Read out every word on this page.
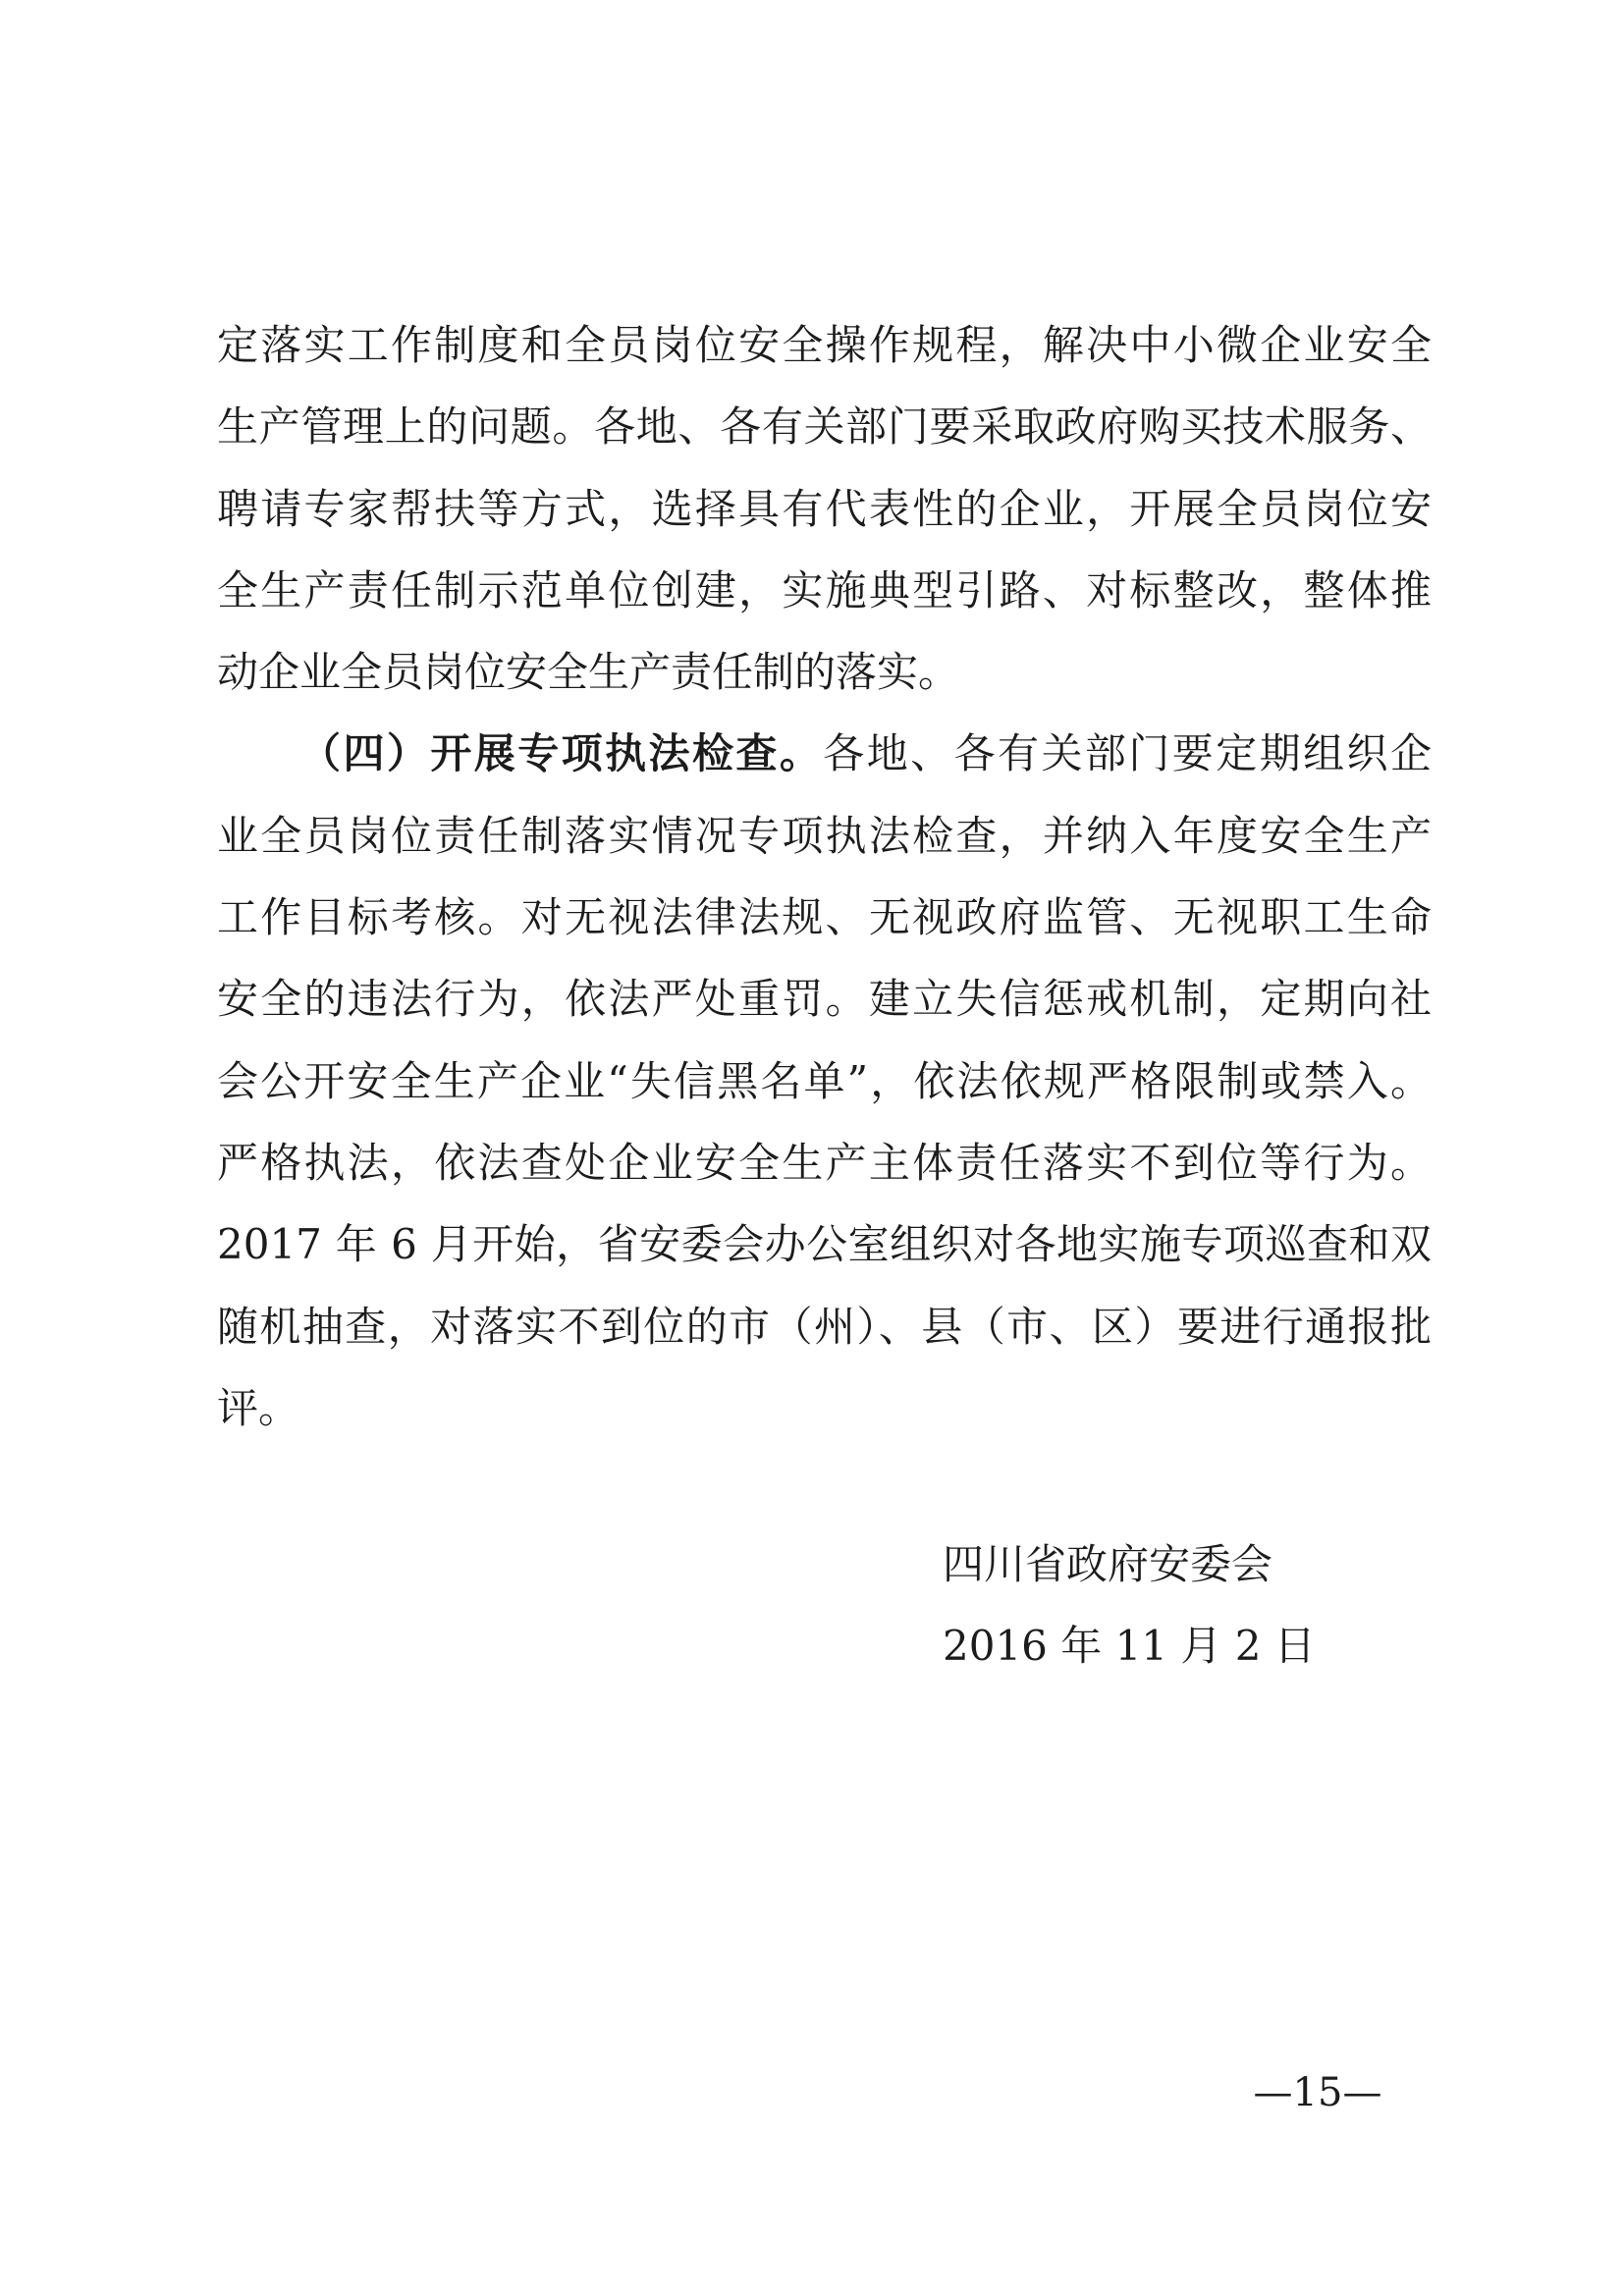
定落实工作制度和全员岗位安全操作规程，解决中小微企业安全
生产管理上的问题。各地、各有关部门要采取政府购买技术服务、
聘请专家帮扶等方式，选择具有代表性的企业，开展全员岗位安
全生产责任制示范单位创建，实施典型引路、对标整改，整体推
动企业全员岗位安全生产责任制的落实。
（四）开展专项执法检查。各地、各有关部门要定期组织企
业全员岗位责任制落实情况专项执法检查，并纳入年度安全生产
工作目标考核。对无视法律法规、无视政府监管、无视职工生命
安全的违法行为，依法严处重罚。建立失信惩戒机制，定期向社
会公开安全生产企业“失信黑名单”，依法依规严格限制或禁入。
严格执法，依法查处企业安全生产主体责任落实不到位等行为。
2017 年 6 月开始，省安委会办公室组织对各地实施专项巡查和双
随机抽查，对落实不到位的市（州）、县（市、区）要进行通报批
评。
四川省政府安委会
2016 年 11 月 2 日
—15—
